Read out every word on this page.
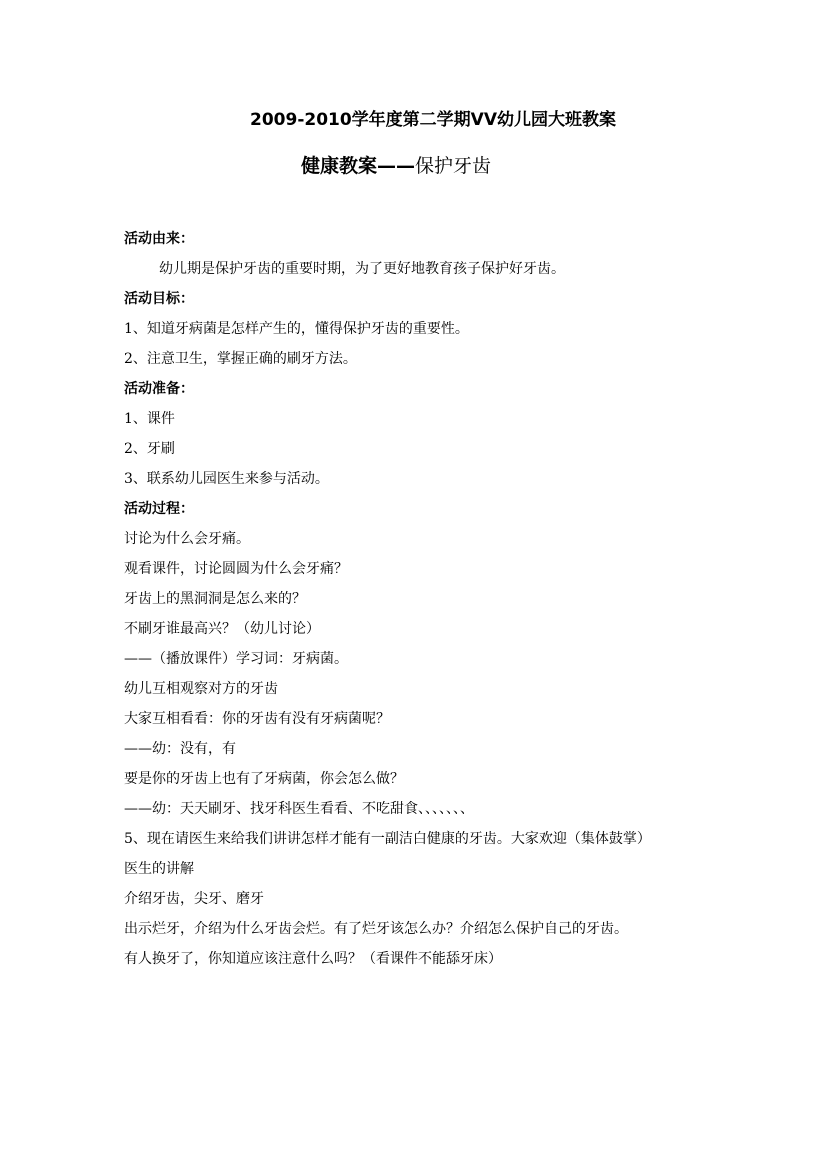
2009-2010学年度第二学期VV幼儿园大班教案
健康教案——保护牙齿

活动由来：

幼儿期是保护牙齿的重要时期，为了更好地教育孩子保护好牙齿。

活动目标：

1、知道牙病菌是怎样产生的，懂得保护牙齿的重要性。

2、注意卫生，掌握正确的刷牙方法。

活动准备：

1、课件

2、牙刷

3、联系幼儿园医生来参与活动。

活动过程：

讨论为什么会牙痛。

观看课件，讨论圆圆为什么会牙痛？

牙齿上的黑洞洞是怎么来的？

不刷牙谁最高兴？（幼儿讨论）

——（播放课件）学习词：牙病菌。

幼儿互相观察对方的牙齿

大家互相看看：你的牙齿有没有牙病菌呢？

——幼：没有，有

要是你的牙齿上也有了牙病菌，你会怎么做？

——幼：天天刷牙、找牙科医生看看、不吃甜食、、、、、、、

5、现在请医生来给我们讲讲怎样才能有一副洁白健康的牙齿。大家欢迎（集体鼓掌）

医生的讲解

介绍牙齿，尖牙、磨牙

出示烂牙，介绍为什么牙齿会烂。有了烂牙该怎么办？介绍怎么保护自己的牙齿。

有人换牙了，你知道应该注意什么吗？（看课件不能舔牙床）
